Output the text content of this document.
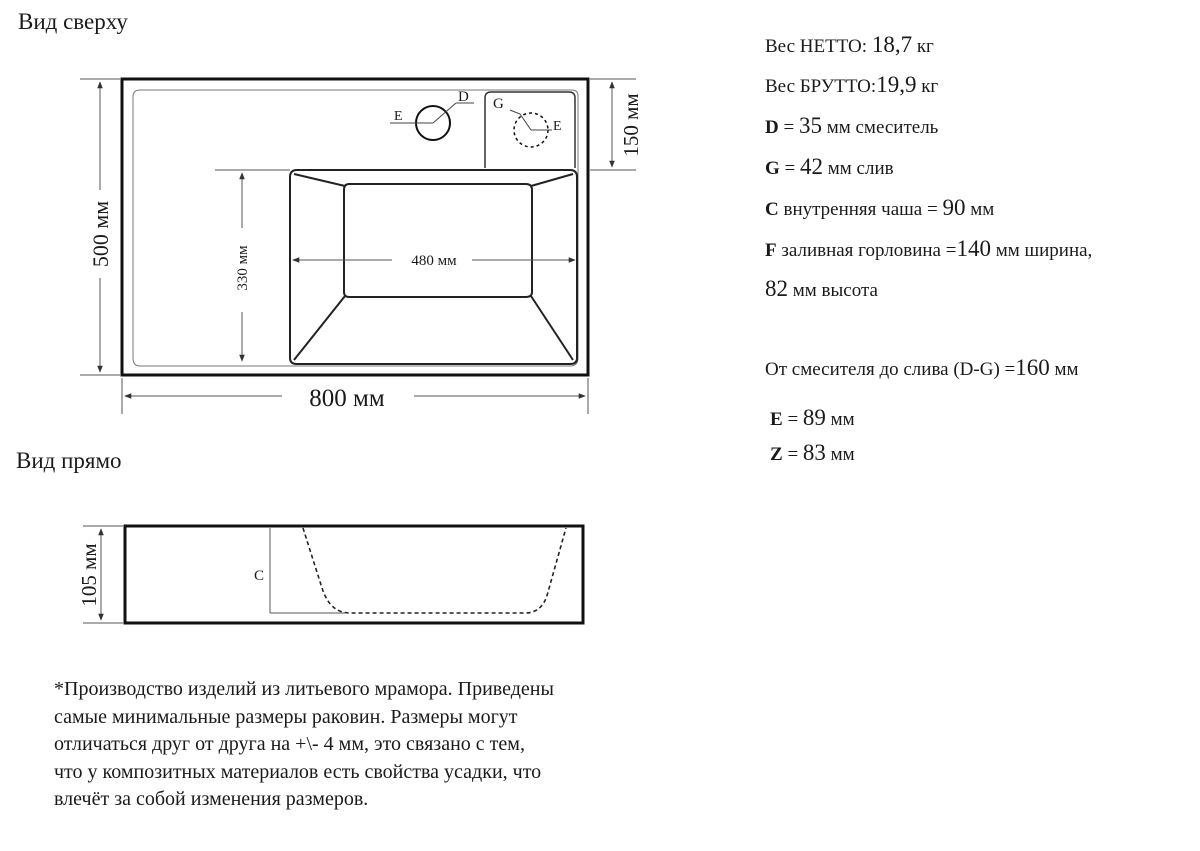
Вид сверху
E
D G
E
500 мм
150 мм
330 мм	480 мм
800 мм
Вид прямо
C
105 мм
Вес НЕТТО: 18,7 кг
Вес БРУТТО:19,9 кг
D = 35 мм смеситель
G = 42 мм слив
C внутренняя чаша = 90 мм
F заливная горловина =140 мм ширина,
82 мм высота
От смесителя до слива (D-G) =160 мм
E = 89 мм
Z = 83 мм
*Производство изделий из литьевого мрамора. Приведены
самые минимальные размеры раковин. Размеры могут
отличаться друг от друга на +\- 4 мм, это связано с тем,
что у композитных материалов есть свойства усадки, что
влечёт за собой изменения размеров.
